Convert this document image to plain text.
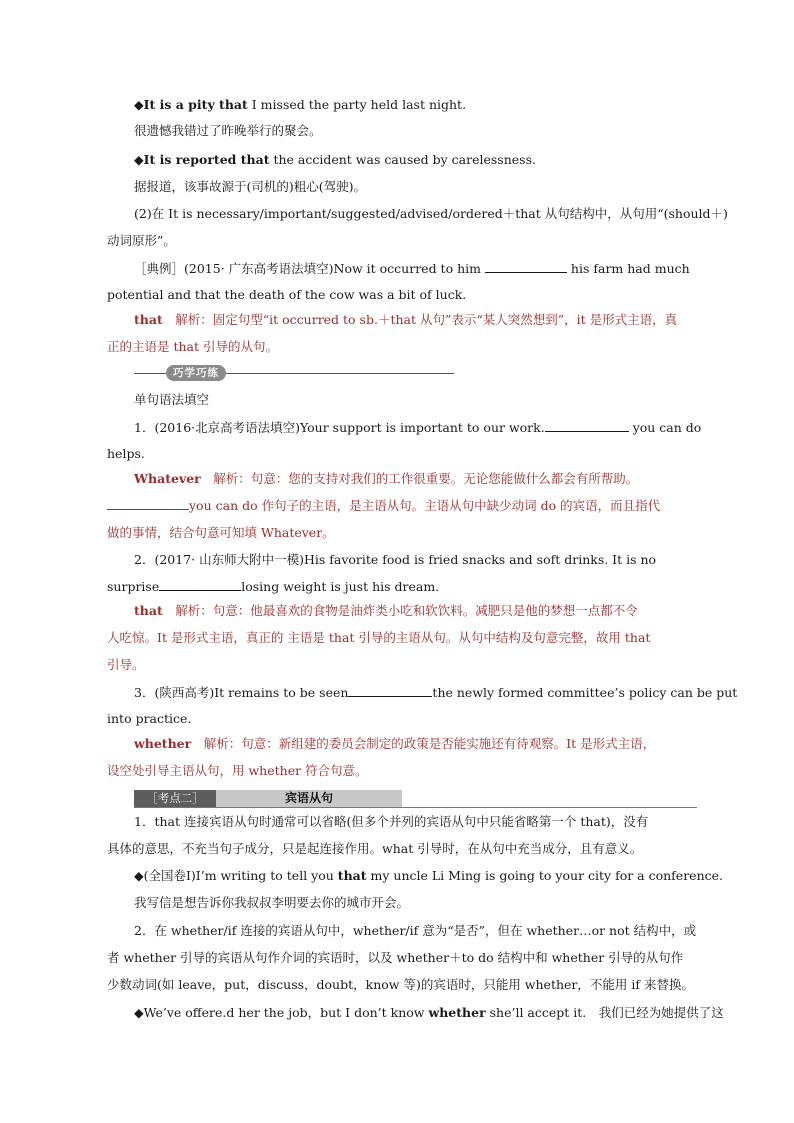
◆It is a pity that I missed the party held last night.
很遗憾我错过了昨晚举行的聚会。
◆It is reported that the accident was caused by carelessness.
据报道，该事故源于(司机的)粗心(驾驶)。
(2)在 It is necessary/important/suggested/advised/ordered＋that 从句结构中，从句用“(should＋)
动词原形”。
［典例］(2015· 广东高考语法填空)Now it occurred to him	his farm had much
potential and that the death of the cow was a bit of luck.
that　解析：固定句型“it occurred to sb.＋that 从句”表示“某人突然想到”，it 是形式主语，真
正的主语是 that 引导的从句。
巧学巧练
单句语法填空
1．(2016·北京高考语法填空)Your support is important to our work.	you can do
helps.
Whatever　解析：句意：您的支持对我们的工作很重要。无论您能做什么都会有所帮助。
you can do 作句子的主语，是主语从句。主语从句中缺少动词 do 的宾语，而且指代
做的事情，结合句意可知填 Whatever。
2．(2017· 山东师大附中一模)His favorite food is fried snacks and soft drinks. It is no
surprise	losing weight is just his dream.
that　解析：句意：他最喜欢的食物是油炸类小吃和软饮料。减肥只是他的梦想一点都不令
人吃惊。It 是形式主语，真正的 主语是 that 引导的主语从句。从句中结构及句意完整，故用 that
引导。
3．(陕西高考)It remains to be seen	the newly formed committee’s policy can be put
into practice.
whether　解析：句意：新组建的委员会制定的政策是否能实施还有待观察。It 是形式主语，
设空处引导主语从句，用 whether 符合句意。
［考点二］	宾语从句
1．that 连接宾语从句时通常可以省略(但多个并列的宾语从句中只能省略第一个 that)，没有
具体的意思，不充当句子成分，只是起连接作用。what 引导时，在从句中充当成分，且有意义。
◆(全国卷Ⅰ)I’m writing to tell you that my uncle Li Ming is going to your city for a conference.
我写信是想告诉你我叔叔李明要去你的城市开会。
2．在 whether/if 连接的宾语从句中，whether/if 意为“是否”，但在 whether…or not 结构中，或
者 whether 引导的宾语从句作介词的宾语时，以及 whether＋to do 结构中和 whether 引导的从句作
少数动词(如 leave，put，discuss，doubt，know 等)的宾语时，只能用 whether，不能用 if 来替换。
◆We’ve offere.d her the job，but I don’t know whether she’ll accept it.　我们已经为她提供了这
